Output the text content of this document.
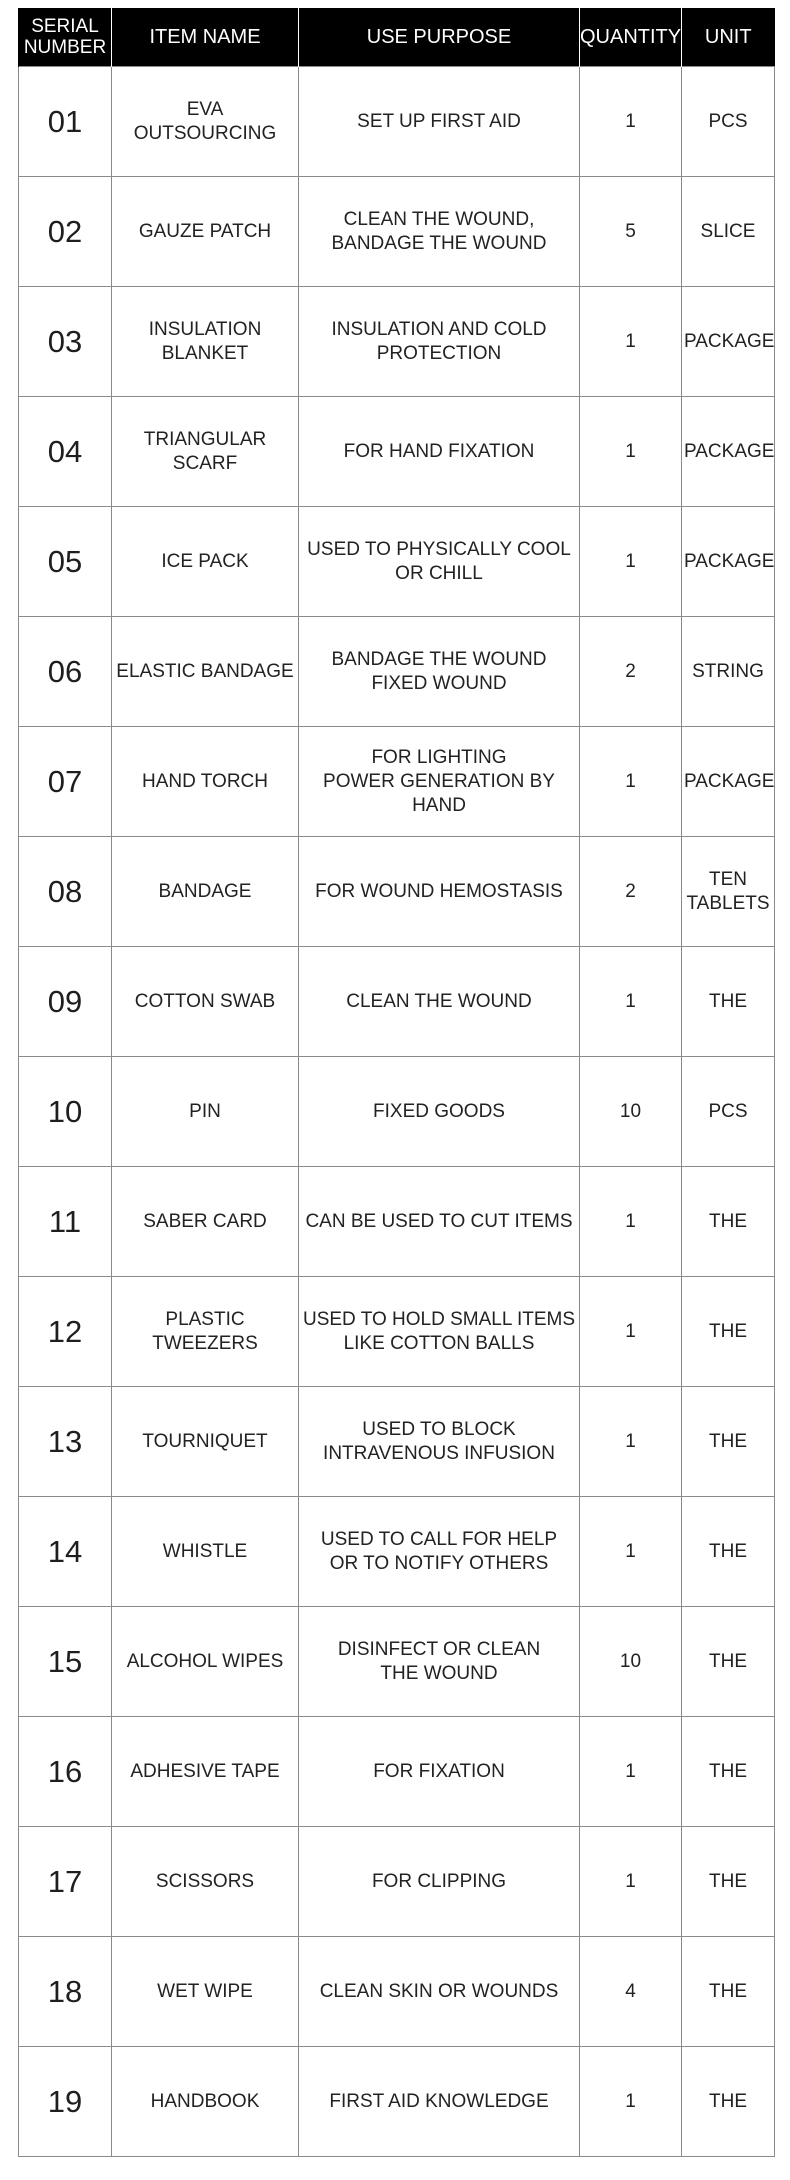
SERIAL
NUMBER	ITEM NAME	USE PURPOSE	QUANTITY	UNIT
01	EVA OUTSOURCING	SET UP FIRST AID	1	PCS
02	GAUZE PATCH	CLEAN THE WOUND,
BANDAGE THE WOUND	5	SLICE
03	INSULATION
BLANKET	INSULATION AND COLD
PROTECTION	1	PACKAGE
04	TRIANGULAR
SCARF	FOR HAND FIXATION	1	PACKAGE
05	ICE PACK	USED TO PHYSICALLY COOL
OR CHILL	1	PACKAGE
06	ELASTIC BANDAGE	BANDAGE THE WOUND
FIXED WOUND	2	STRING
07	HAND TORCH	FOR LIGHTING
POWER GENERATION BY HAND	1	PACKAGE
08	BANDAGE	FOR WOUND HEMOSTASIS	2	TEN
TABLETS
09	COTTON SWAB	CLEAN THE WOUND	1	THE
10	PIN	FIXED GOODS	10	PCS
11	SABER CARD	CAN BE USED TO CUT ITEMS	1	THE
12	PLASTIC TWEEZERS	USED TO HOLD SMALL ITEMS
LIKE COTTON BALLS	1	THE
13	TOURNIQUET	USED TO BLOCK
INTRAVENOUS INFUSION	1	THE
14	WHISTLE	USED TO CALL FOR HELP
OR TO NOTIFY OTHERS	1	THE
15	ALCOHOL WIPES	DISINFECT OR CLEAN
THE WOUND	10	THE
16	ADHESIVE TAPE	FOR FIXATION	1	THE
17	SCISSORS	FOR CLIPPING	1	THE
18	WET WIPE	CLEAN SKIN OR WOUNDS	4	THE
19	HANDBOOK	FIRST AID KNOWLEDGE	1	THE
